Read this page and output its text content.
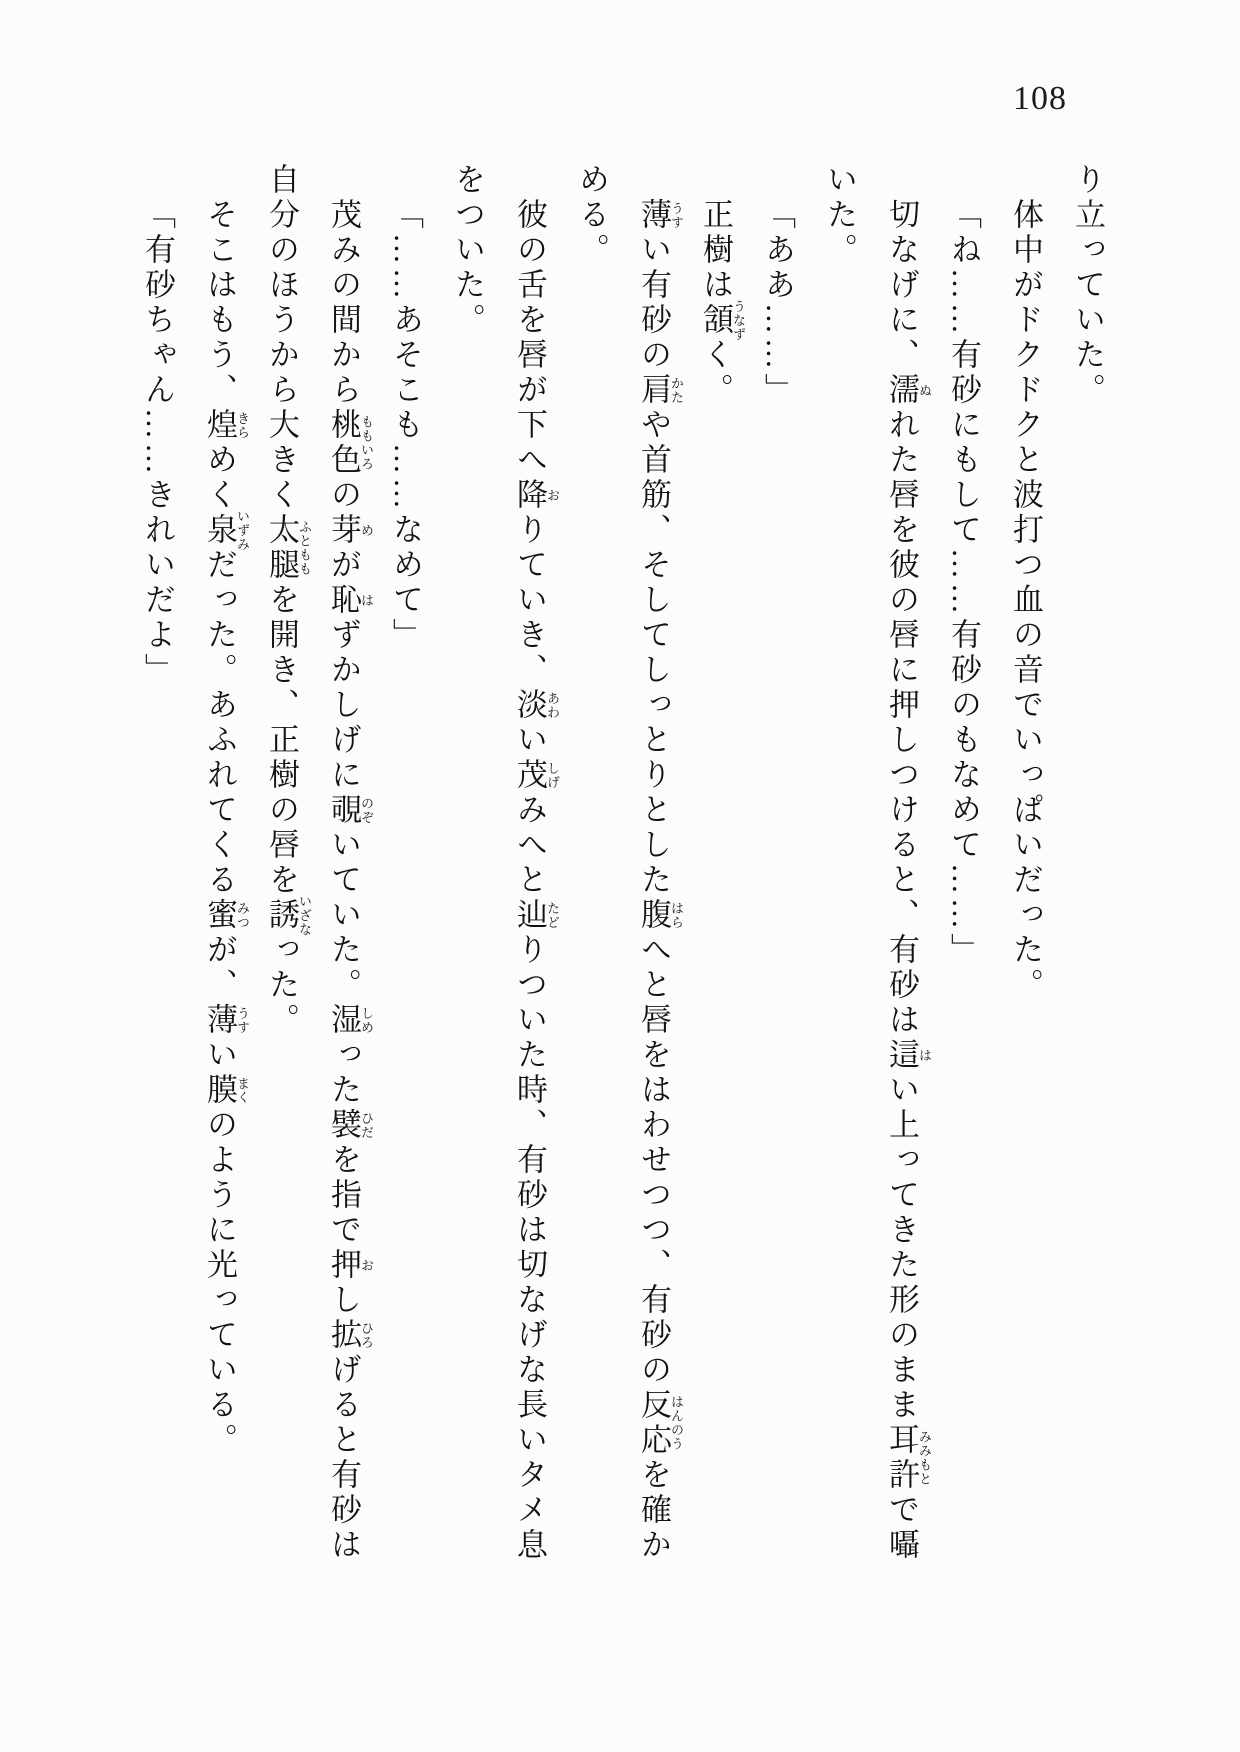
108

り立っていた。

体中がドクドクと波打つ血の音でいっぱいだった。

「ね……有砂にもして……有砂のもなめて……」

切なげに、濡ぬれた唇を彼の唇に押しつけると、有砂は這はい上ってきた形のまま耳許みみもとで囁いた。

「ああ……」

正樹は頷うなずく。

薄うすい有砂の肩かたや首筋、そしてしっとりとした腹はらへと唇をはわせつつ、有砂の反応はんのうを確かめる。

彼の舌を唇が下へ降おりていき、淡あわい茂しげみへと辿たどりついた時、有砂は切なげな長いタメ息をついた。

「……あそこも……なめて」

茂みの間から桃色ももいろの芽めが恥はずかしげに覗のぞいていた。湿しめった襞ひだを指で押おし拡ひろげると有砂は自分のほうから大きく太腿ふとももを開き、正樹の唇を誘いざなった。

そこはもう、煌きらめく泉いずみだった。あふれてくる蜜みつが、薄うすい膜まくのように光っている。

「有砂ちゃん……きれいだよ」
